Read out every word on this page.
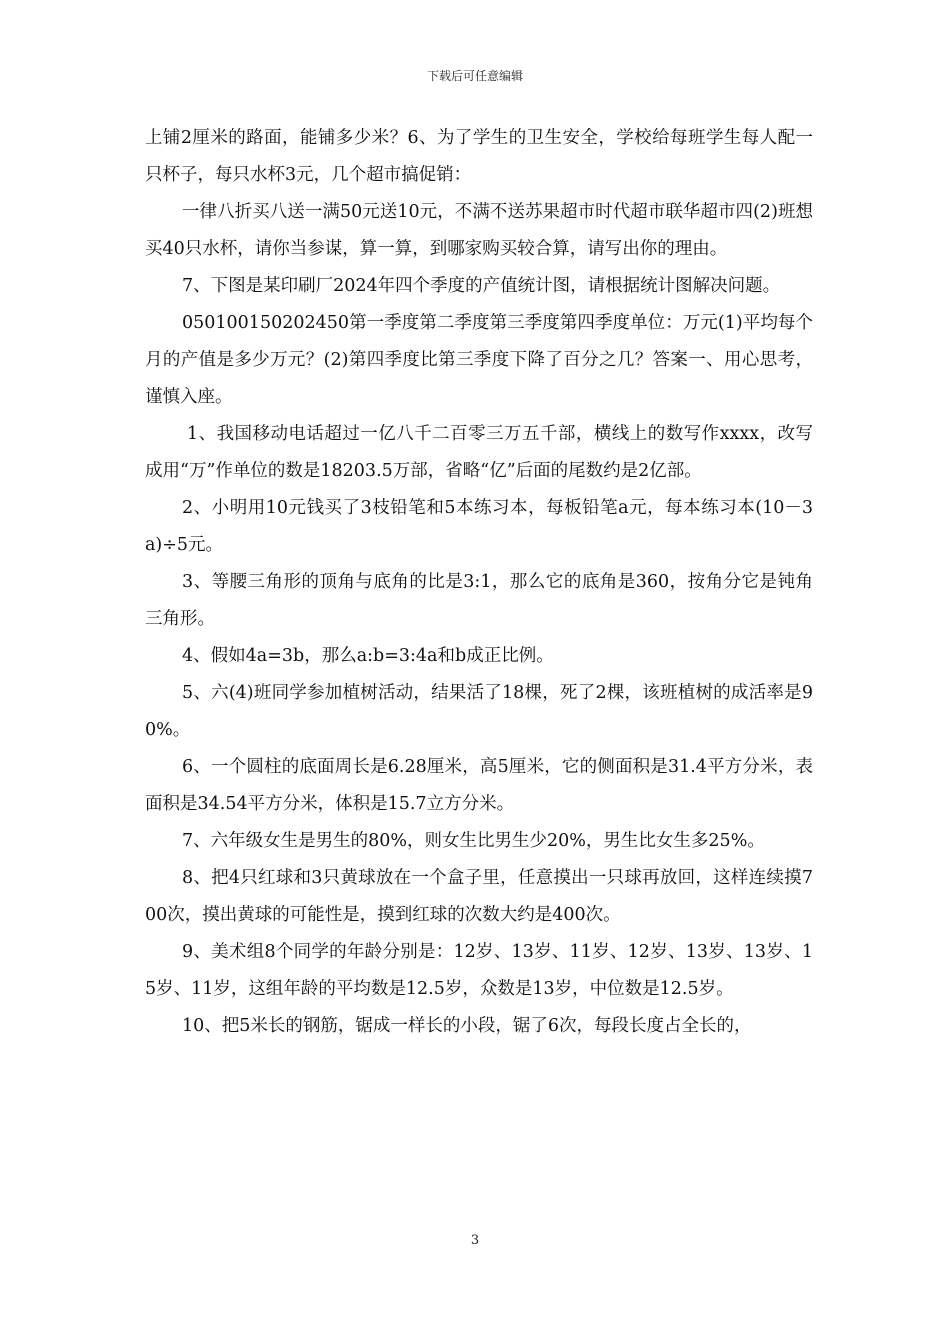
下载后可任意编辑

上铺2厘米的路面，能铺多少米？6、为了学生的卫生安全，学校给每班学生每人配一只杯子，每只水杯3元，几个超市搞促销：

一律八折买八送一满50元送10元，不满不送苏果超市时代超市联华超市四(2)班想买40只水杯，请你当参谋，算一算，到哪家购买较合算，请写出你的理由。

7、下图是某印刷厂2024年四个季度的产值统计图，请根据统计图解决问题。

050100150202450第一季度第二季度第三季度第四季度单位：万元(1)平均每个月的产值是多少万元？(2)第四季度比第三季度下降了百分之几？答案一、用心思考，谨慎入座。

1、我国移动电话超过一亿八千二百零三万五千部，横线上的数写作xxxx，改写成用“万”作单位的数是18203.5万部，省略“亿”后面的尾数约是2亿部。

2、小明用10元钱买了3枝铅笔和5本练习本，每板铅笔a元，每本练习本(10－3a)÷5元。

3、等腰三角形的顶角与底角的比是3:1，那么它的底角是360，按角分它是钝角三角形。

4、假如4a=3b，那么a:b=3:4a和b成正比例。

5、六(4)班同学参加植树活动，结果活了18棵，死了2棵，该班植树的成活率是90%。

6、一个圆柱的底面周长是6.28厘米，高5厘米，它的侧面积是31.4平方分米，表面积是34.54平方分米，体积是15.7立方分米。

7、六年级女生是男生的80%，则女生比男生少20%，男生比女生多25%。

8、把4只红球和3只黄球放在一个盒子里，任意摸出一只球再放回，这样连续摸700次，摸出黄球的可能性是，摸到红球的次数大约是400次。

9、美术组8个同学的年龄分别是：12岁、13岁、11岁、12岁、13岁、13岁、15岁、11岁，这组年龄的平均数是12.5岁，众数是13岁，中位数是12.5岁。

10、把5米长的钢筋，锯成一样长的小段，锯了6次，每段长度占全长的，

3
